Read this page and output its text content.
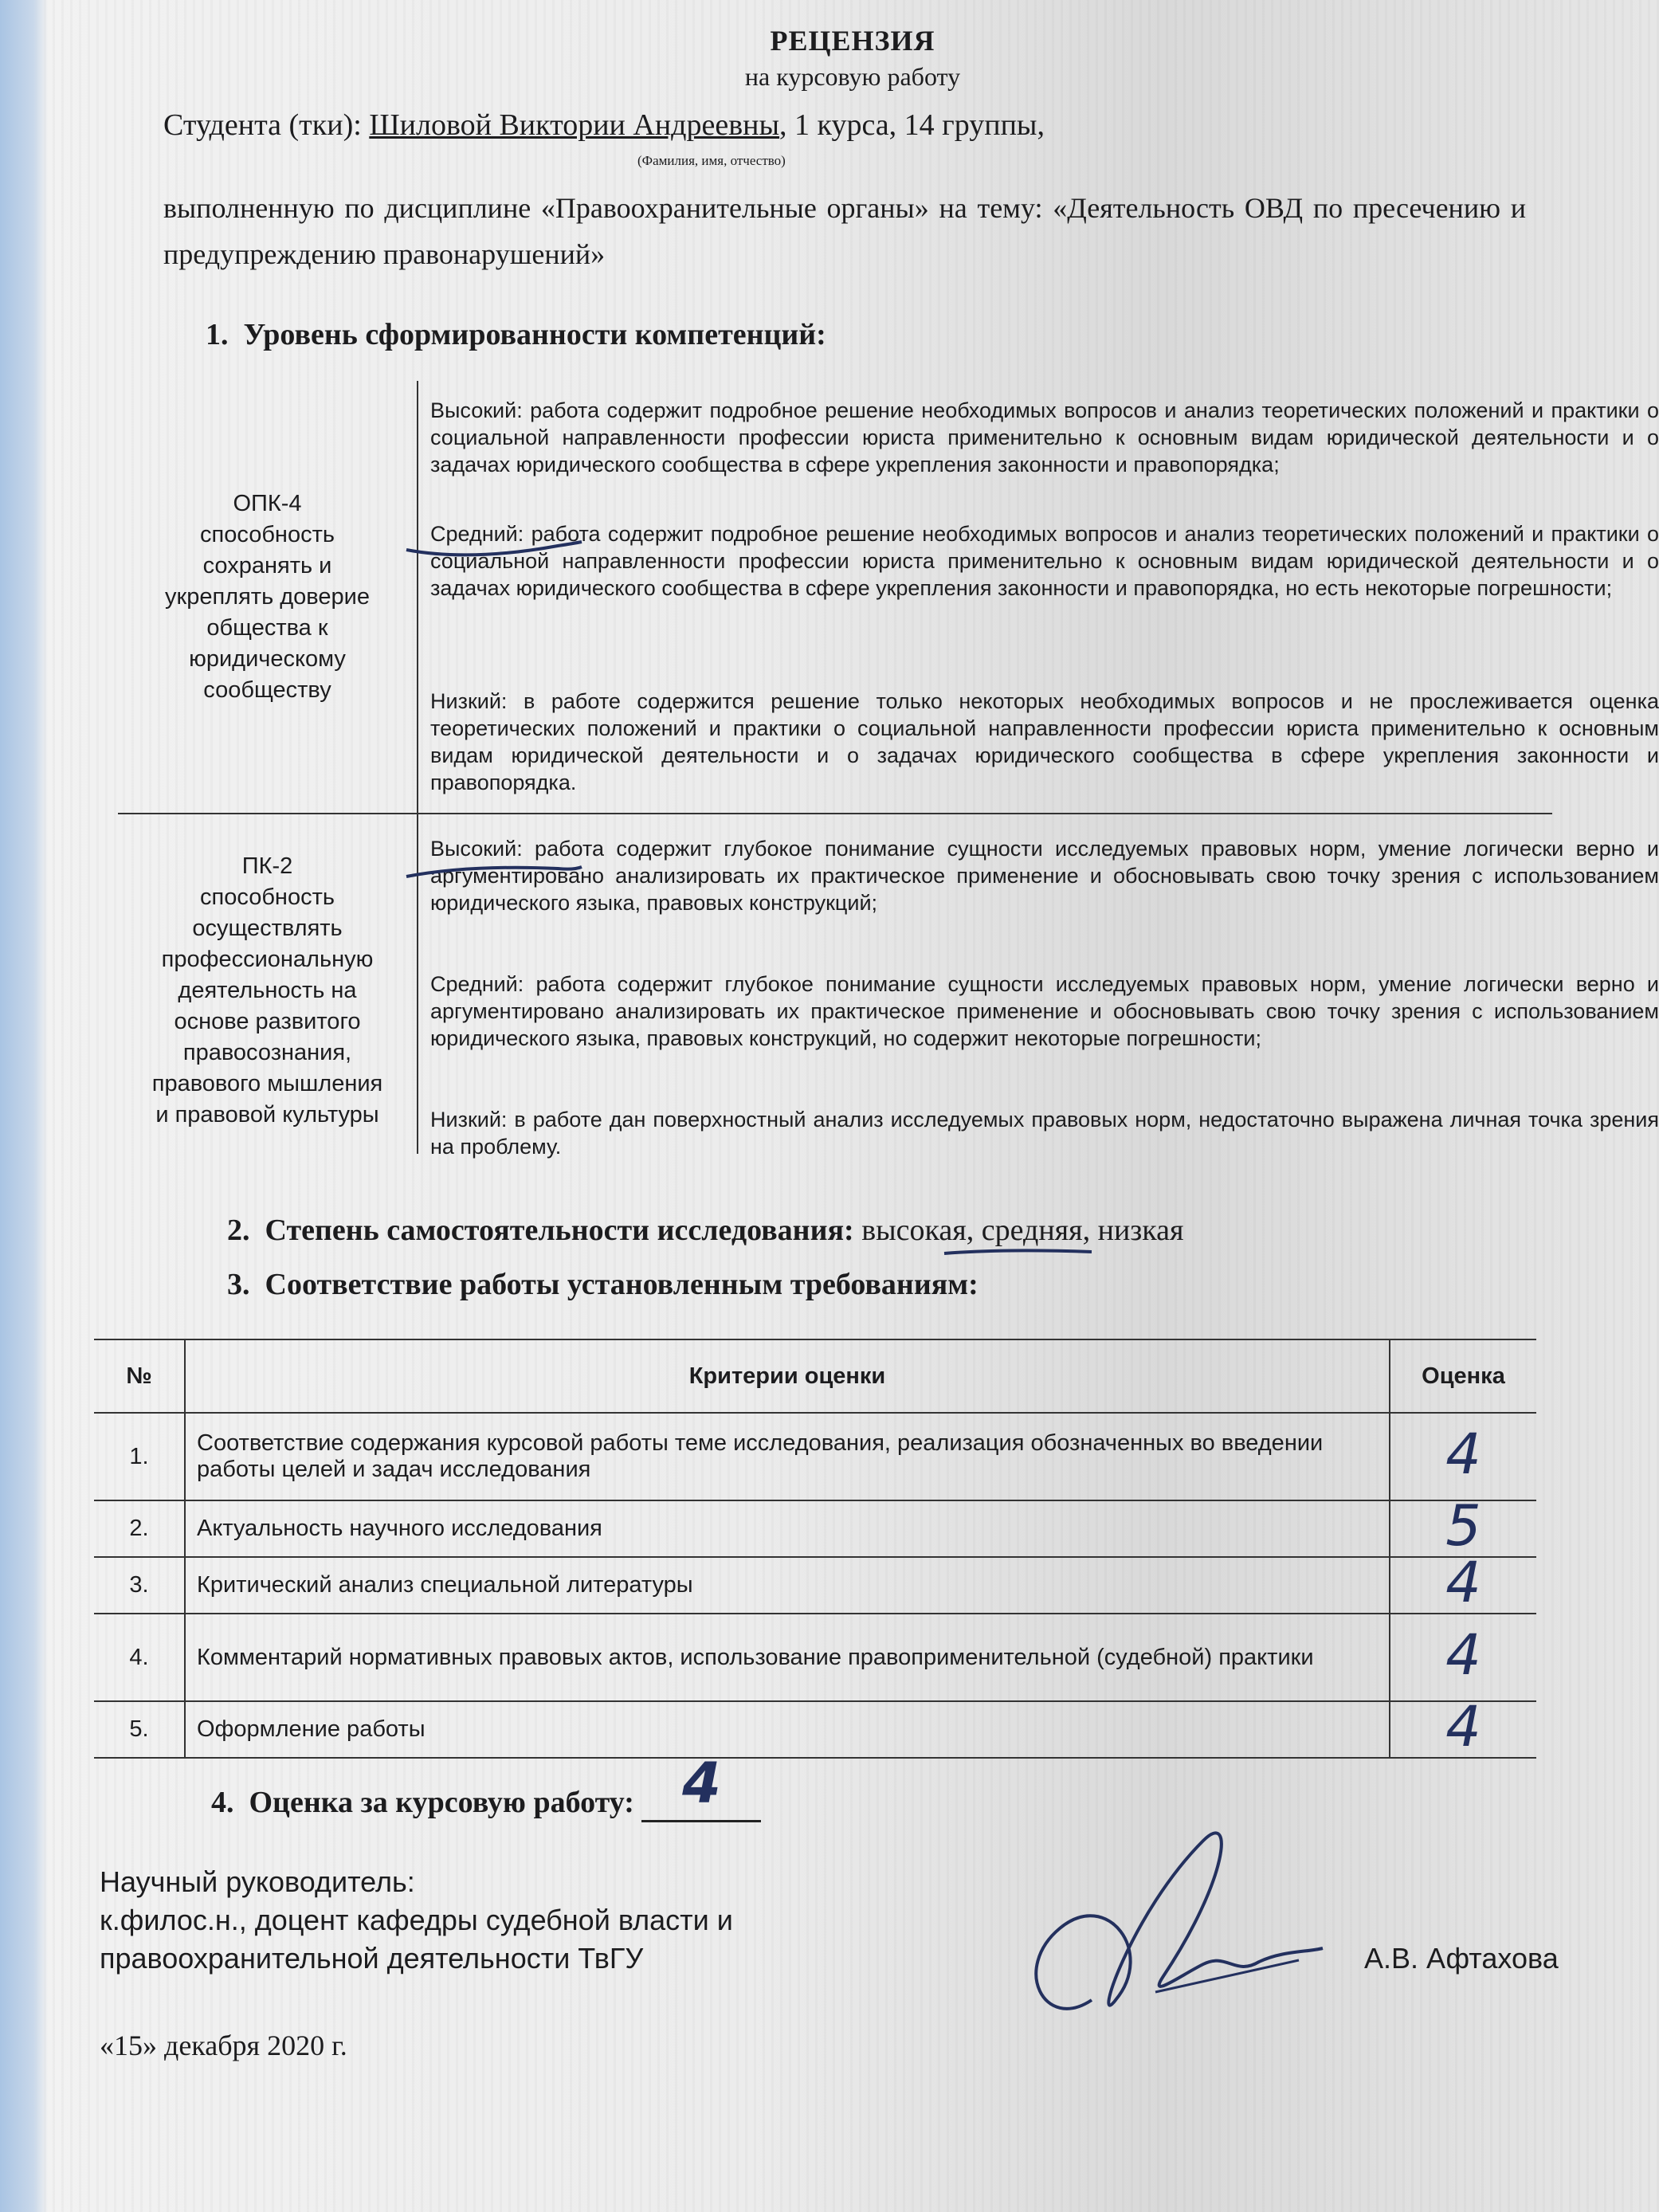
РЕЦЕНЗИЯ
на курсовую работу
Студента (тки): Шиловой Виктории Андреевны, 1 курса, 14 группы,
(Фамилия, имя, отчество)
выполненную по дисциплине «Правоохранительные органы» на тему: «Деятельность ОВД по пресечению и предупреждению правонарушений»
1.  Уровень сформированности компетенций:
ОПК-4
способность
сохранять и
укреплять доверие
общества к
юридическому
сообществу
Высокий: работа содержит подробное решение необходимых вопросов и анализ теоретических положений и практики о социальной направленности профессии юриста применительно к основным видам юридической деятельности и о задачах юридического сообщества в сфере укрепления законности и правопорядка;
Средний: работа содержит подробное решение необходимых вопросов и анализ теоретических положений и практики о социальной направленности профессии юриста применительно к основным видам юридической деятельности и о задачах юридического сообщества в сфере укрепления законности и правопорядка, но есть некоторые погрешности;
Низкий: в работе содержится решение только некоторых необходимых вопросов и не прослеживается оценка теоретических положений и практики о социальной направленности профессии юриста применительно к основным видам юридической деятельности и о задачах юридического сообщества в сфере укрепления законности и правопорядка.
ПК-2
способность
осуществлять
профессиональную
деятельность на
основе развитого
правосознания,
правового мышления
и правовой культуры
Высокий: работа содержит глубокое понимание сущности исследуемых правовых норм, умение логически верно и аргументировано анализировать их практическое применение и обосновывать свою точку зрения с использованием юридического языка, правовых конструкций;
Средний: работа содержит глубокое понимание сущности исследуемых правовых норм, умение логически верно и аргументировано анализировать их практическое применение и обосновывать свою точку зрения с использованием юридического языка, правовых конструкций, но содержит некоторые погрешности;
Низкий: в работе дан поверхностный анализ исследуемых правовых норм, недостаточно выражена личная точка зрения на проблему.
2.  Степень самостоятельности исследования: высокая, средняя, низкая
3.  Соответствие работы установленным требованиям:
№	Критерии оценки	Оценка
1.	Соответствие содержания курсовой работы теме исследования, реализация обозначенных во введении работы целей и задач исследования	4
2.	Актуальность научного исследования	5
3.	Критический анализ специальной литературы	4
4.	Комментарий нормативных правовых актов, использование правоприменительной (судебной) практики	4
5.	Оформление работы	4
4.  Оценка за курсовую работу: 4
Научный руководитель:
к.филос.н., доцент кафедры судебной власти и
правоохранительной деятельности ТвГУ	А.В. Афтахова
«15» декабря 2020 г.
